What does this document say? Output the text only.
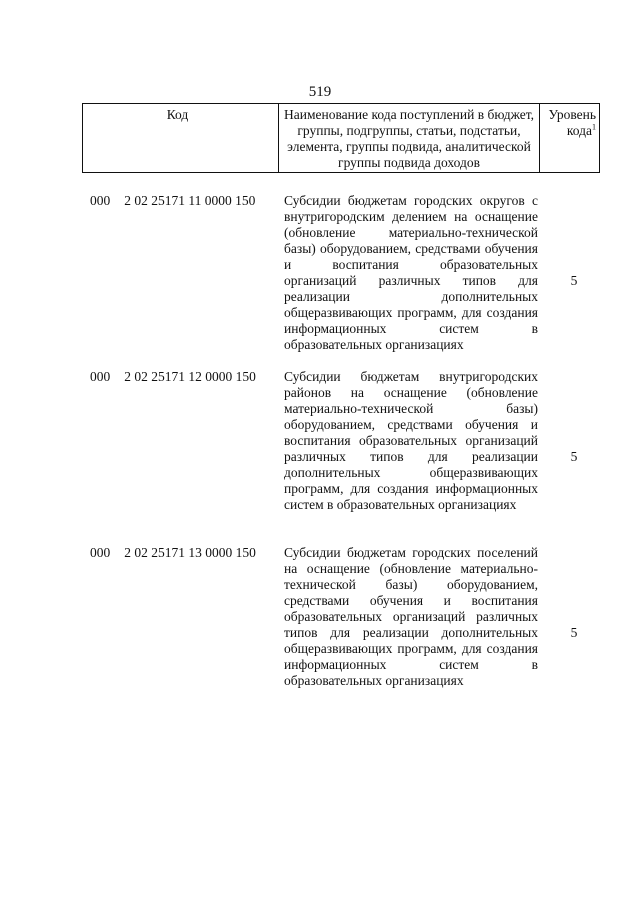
519
Код	Наименование кода поступлений в бюджет, группы, подгруппы, статьи, подстатьи, элемента, группы подвида, аналитической группы подвида доходов
Уровень кода$^1$
000 2 02 25171 11 0000 150 Субсидии бюджетам городских округов с внутригородским делением на оснащение (обновление материально-технической базы) оборудованием, средствами обучения и воспитания образовательных организаций различных типов для реализации дополнительных общеразвивающих программ, для создания информационных систем в образовательных организациях
5
000 2 02 25171 12 0000 150 Субсидии бюджетам внутригородских районов на оснащение (обновление материально-технической базы) оборудованием, средствами обучения и воспитания образовательных организаций различных типов для реализации дополнительных общеразвивающих программ, для создания информационных систем в образовательных организациях
5
000 2 02 25171 13 0000 150 Субсидии бюджетам городских поселений на оснащение (обновление материально-технической базы) оборудованием, средствами обучения и воспитания образовательных организаций различных типов для реализации дополнительных общеразвивающих программ, для создания информационных систем в образовательных организациях
5
